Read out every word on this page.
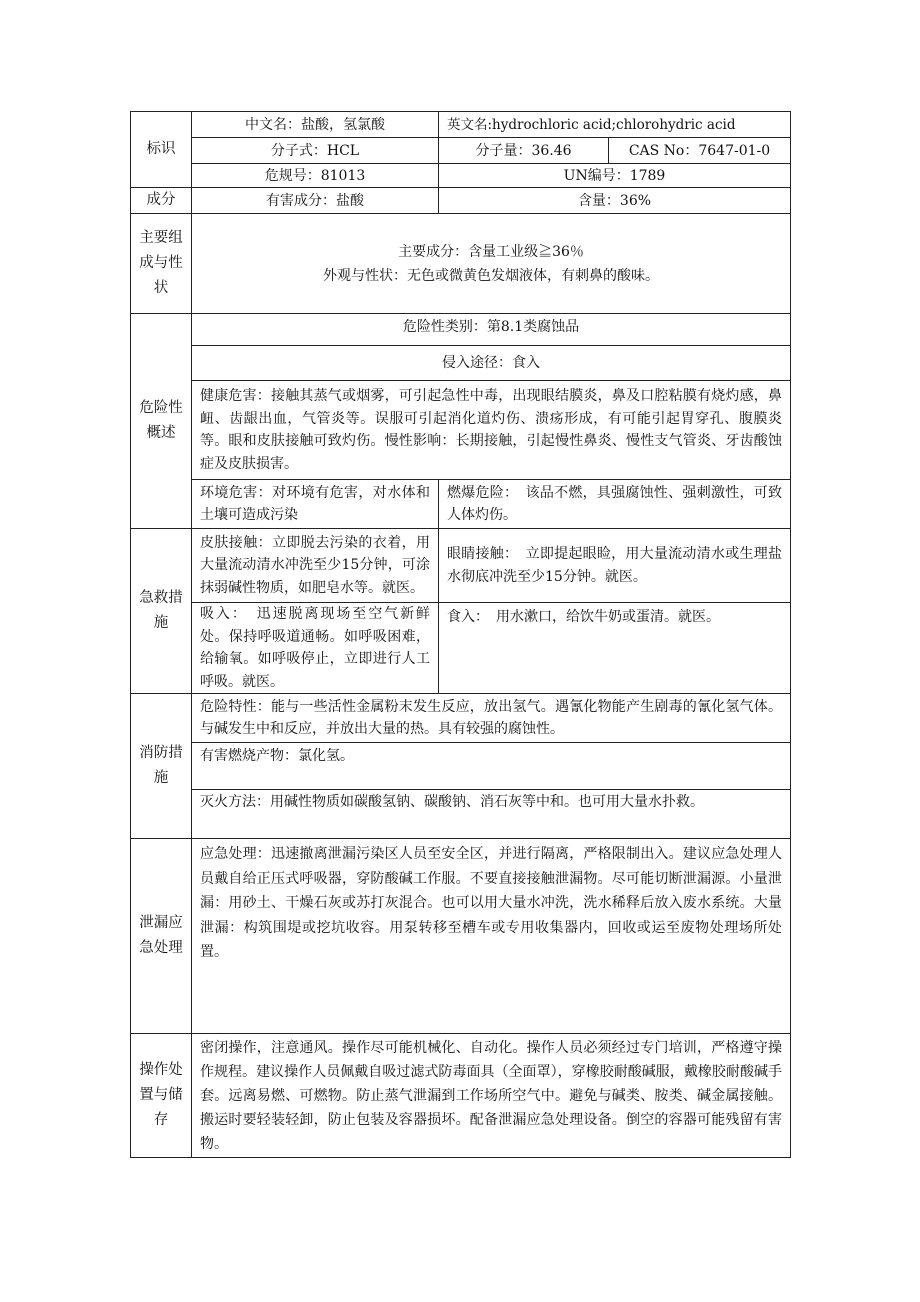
标识	中文名：盐酸，氢氯酸	英文名:hydrochloric acid;chlorohydric acid	
	分子式：HCL	分子量：36.46	CAS No：7647-01-0
	危规号：81013	UN编号：1789	
成分	有害成分：盐酸	含量：36%	
主要组成与性状	主要成分：含量工业级≧36％
外观与性状：无色或微黄色发烟液体，有刺鼻的酸味。		

危险性概述	危险性类别：第8.1类腐蚀品		
	侵入途径：食入		
	健康危害：接触其蒸气或烟雾，可引起急性中毒，出现眼结膜炎，鼻及口腔粘膜有烧灼感，鼻衄、齿龈出血，气管炎等。误服可引起消化道灼伤、溃疡形成，有可能引起胃穿孔、腹膜炎等。眼和皮肤接触可致灼伤。慢性影响：长期接触，引起慢性鼻炎、慢性支气管炎、牙齿酸蚀症及皮肤损害。		
	环境危害：对环境有危害，对水体和土壤可造成污染	燃爆危险：　该品不燃，具强腐蚀性、强刺激性，可致人体灼伤。	
急救措施	皮肤接触：立即脱去污染的衣着，用大量流动清水冲洗至少15分钟，可涂抹弱碱性物质，如肥皂水等。就医。	眼睛接触：　立即提起眼睑，用大量流动清水或生理盐水彻底冲洗至少15分钟。就医。	
	吸入：　迅速脱离现场至空气新鲜处。保持呼吸道通畅。如呼吸困难，给输氧。如呼吸停止，立即进行人工呼吸。就医。	食入：　用水漱口，给饮牛奶或蛋清。就医。	
消防措施	危险特性：能与一些活性金属粉末发生反应，放出氢气。遇氰化物能产生剧毒的氰化氢气体。与碱发生中和反应，并放出大量的热。具有较强的腐蚀性。		
	有害燃烧产物：氯化氢。		
	灭火方法：用碱性物质如碳酸氢钠、碳酸钠、消石灰等中和。也可用大量水扑救。		
泄漏应急处理	应急处理：迅速撤离泄漏污染区人员至安全区，并进行隔离，严格限制出入。建议应急处理人员戴自给正压式呼吸器，穿防酸碱工作服。不要直接接触泄漏物。尽可能切断泄漏源。小量泄漏：用砂土、干燥石灰或苏打灰混合。也可以用大量水冲洗，洗水稀释后放入废水系统。大量泄漏：构筑围堤或挖坑收容。用泵转移至槽车或专用收集器内，回收或运至废物处理场所处置。		
操作处置与储存	密闭操作，注意通风。操作尽可能机械化、自动化。操作人员必须经过专门培训，严格遵守操作规程。建议操作人员佩戴自吸过滤式防毒面具（全面罩），穿橡胶耐酸碱服，戴橡胶耐酸碱手套。远离易燃、可燃物。防止蒸气泄漏到工作场所空气中。避免与碱类、胺类、碱金属接触。搬运时要轻装轻卸，防止包装及容器损坏。配备泄漏应急处理设备。倒空的容器可能残留有害物。		
